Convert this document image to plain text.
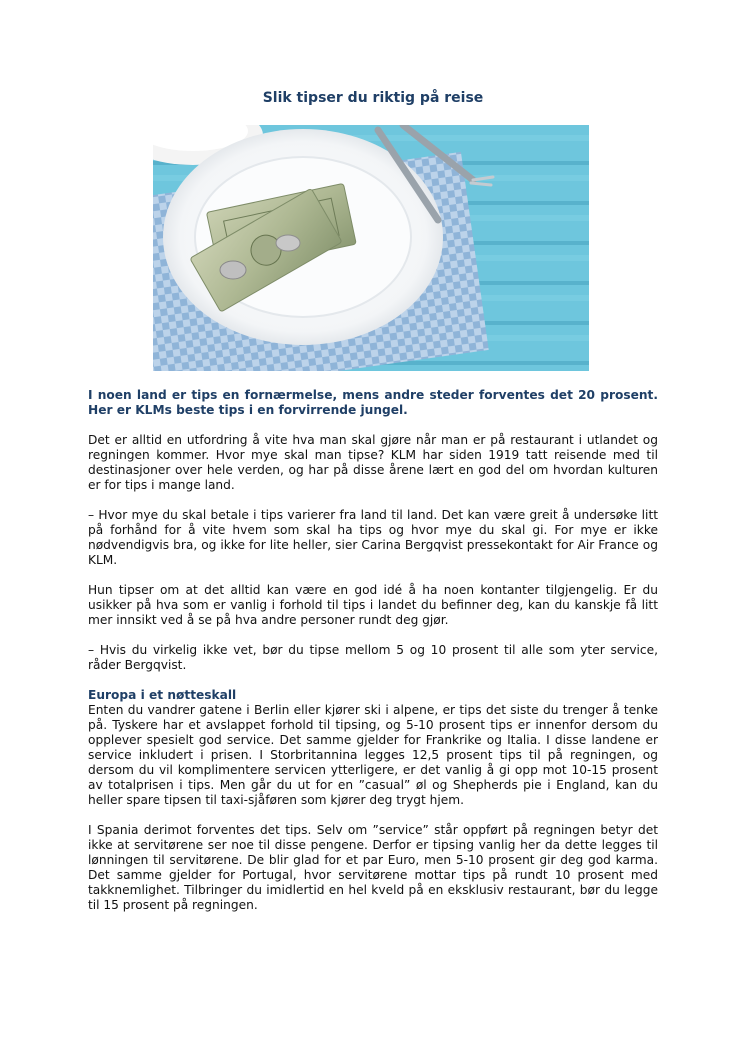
Slik tipser du riktig på reise

I noen land er tips en fornærmelse, mens andre steder forventes det 20 prosent. Her er KLMs beste tips i en forvirrende jungel.

Det er alltid en utfordring å vite hva man skal gjøre når man er på restaurant i utlandet og regningen kommer. Hvor mye skal man tipse? KLM har siden 1919 tatt reisende med til destinasjoner over hele verden, og har på disse årene lært en god del om hvordan kulturen er for tips i mange land.

– Hvor mye du skal betale i tips varierer fra land til land. Det kan være greit å undersøke litt på forhånd for å vite hvem som skal ha tips og hvor mye du skal gi. For mye er ikke nødvendigvis bra, og ikke for lite heller, sier Carina Bergqvist pressekontakt for Air France og KLM.

Hun tipser om at det alltid kan være en god idé å ha noen kontanter tilgjengelig. Er du usikker på hva som er vanlig i forhold til tips i landet du befinner deg, kan du kanskje få litt mer innsikt ved å se på hva andre personer rundt deg gjør.

– Hvis du virkelig ikke vet, bør du tipse mellom 5 og 10 prosent til alle som yter service, råder Bergqvist.

Europa i et nøtteskall

Enten du vandrer gatene i Berlin eller kjører ski i alpene, er tips det siste du trenger å tenke på. Tyskere har et avslappet forhold til tipsing, og 5-10 prosent tips er innenfor dersom du opplever spesielt god service. Det samme gjelder for Frankrike og Italia. I disse landene er service inkludert i prisen. I Storbritannina legges 12,5 prosent tips til på regningen, og dersom du vil komplimentere servicen ytterligere, er det vanlig å gi opp mot 10-15 prosent av totalprisen i tips. Men går du ut for en ”casual” øl og Shepherds pie i England, kan du heller spare tipsen til taxi-sjåføren som kjører deg trygt hjem.

I Spania derimot forventes det tips. Selv om ”service” står oppført på regningen betyr det ikke at servitørene ser noe til disse pengene. Derfor er tipsing vanlig her da dette legges til lønningen til servitørene. De blir glad for et par Euro, men 5-10 prosent gir deg god karma. Det samme gjelder for Portugal, hvor servitørene mottar tips på rundt 10 prosent med takknemlighet. Tilbringer du imidlertid en hel kveld på en eksklusiv restaurant, bør du legge til 15 prosent på regningen.
